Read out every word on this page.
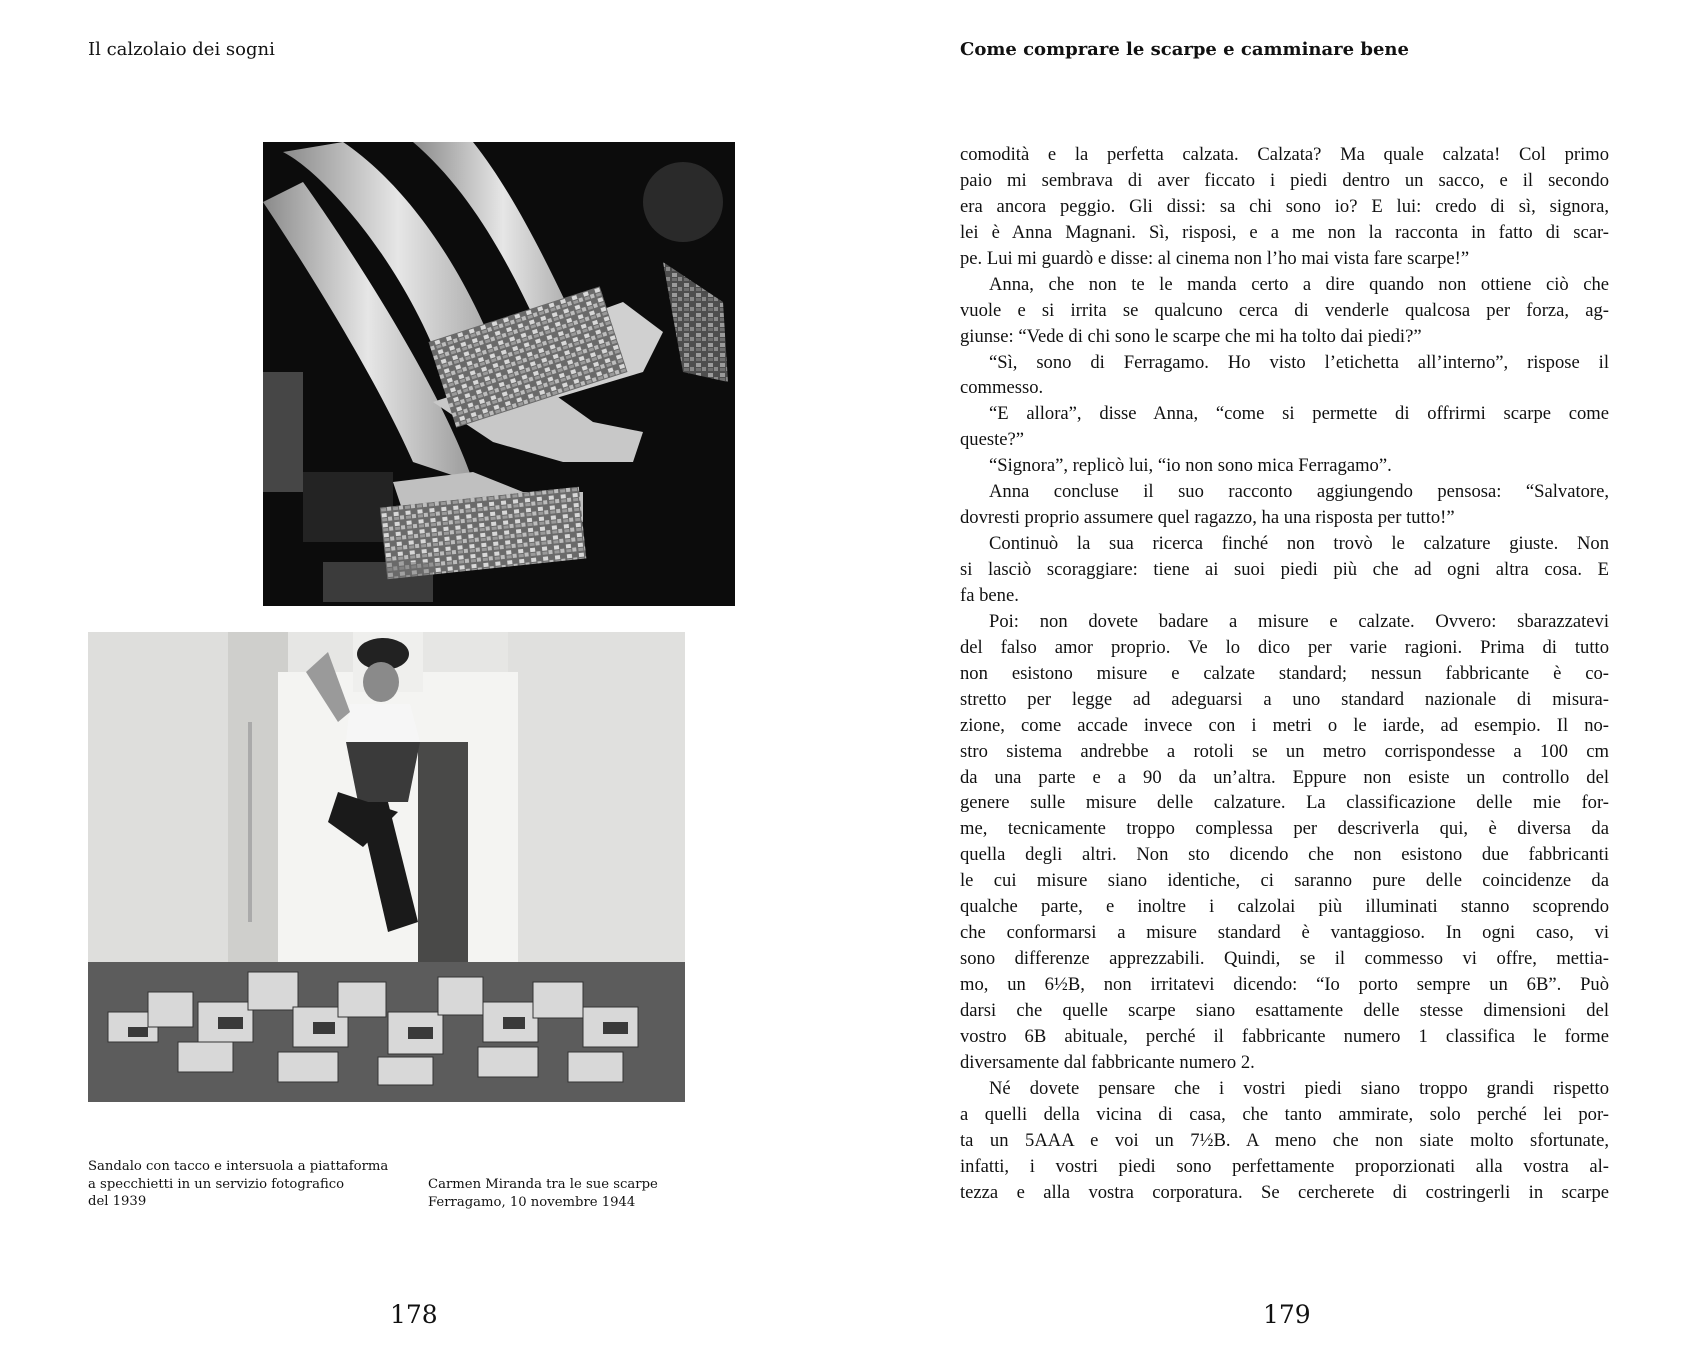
Il calzolaio dei sogni
Sandalo con tacco e intersuola a piattaforma
a specchietti in un servizio fotografico
del 1939
Carmen Miranda tra le sue scarpe
Ferragamo, 10 novembre 1944
178
Come comprare le scarpe e camminare bene
comodità e la perfetta calzata. Calzata? Ma quale calzata! Col primo
paio mi sembrava di aver ficcato i piedi dentro un sacco, e il secondo
era ancora peggio. Gli dissi: sa chi sono io? E lui: credo di sì, signora,
lei è Anna Magnani. Sì, risposi, e a me non la racconta in fatto di scar-
pe. Lui mi guardò e disse: al cinema non l’ho mai vista fare scarpe!”
Anna, che non te le manda certo a dire quando non ottiene ciò che
vuole e si irrita se qualcuno cerca di venderle qualcosa per forza, ag-
giunse: “Vede di chi sono le scarpe che mi ha tolto dai piedi?”
“Sì, sono di Ferragamo. Ho visto l’etichetta all’interno”, rispose il
commesso.
“E allora”, disse Anna, “come si permette di offrirmi scarpe come
queste?”
“Signora”, replicò lui, “io non sono mica Ferragamo”.
Anna concluse il suo racconto aggiungendo pensosa: “Salvatore,
dovresti proprio assumere quel ragazzo, ha una risposta per tutto!”
Continuò la sua ricerca finché non trovò le calzature giuste. Non
si lasciò scoraggiare: tiene ai suoi piedi più che ad ogni altra cosa. E
fa bene.
Poi: non dovete badare a misure e calzate. Ovvero: sbarazzatevi
del falso amor proprio. Ve lo dico per varie ragioni. Prima di tutto
non esistono misure e calzate standard; nessun fabbricante è co-
stretto per legge ad adeguarsi a uno standard nazionale di misura-
zione, come accade invece con i metri o le iarde, ad esempio. Il no-
stro sistema andrebbe a rotoli se un metro corrispondesse a 100 cm
da una parte e a 90 da un’altra. Eppure non esiste un controllo del
genere sulle misure delle calzature. La classificazione delle mie for-
me, tecnicamente troppo complessa per descriverla qui, è diversa da
quella degli altri. Non sto dicendo che non esistono due fabbricanti
le cui misure siano identiche, ci saranno pure delle coincidenze da
qualche parte, e inoltre i calzolai più illuminati stanno scoprendo
che conformarsi a misure standard è vantaggioso. In ogni caso, vi
sono differenze apprezzabili. Quindi, se il commesso vi offre, mettia-
mo, un 6½B, non irritatevi dicendo: “Io porto sempre un 6B”. Può
darsi che quelle scarpe siano esattamente delle stesse dimensioni del
vostro 6B abituale, perché il fabbricante numero 1 classifica le forme
diversamente dal fabbricante numero 2.
Né dovete pensare che i vostri piedi siano troppo grandi rispetto
a quelli della vicina di casa, che tanto ammirate, solo perché lei por-
ta un 5AAA e voi un 7½B. A meno che non siate molto sfortunate,
infatti, i vostri piedi sono perfettamente proporzionati alla vostra al-
tezza e alla vostra corporatura. Se cercherete di costringerli in scarpe
179
